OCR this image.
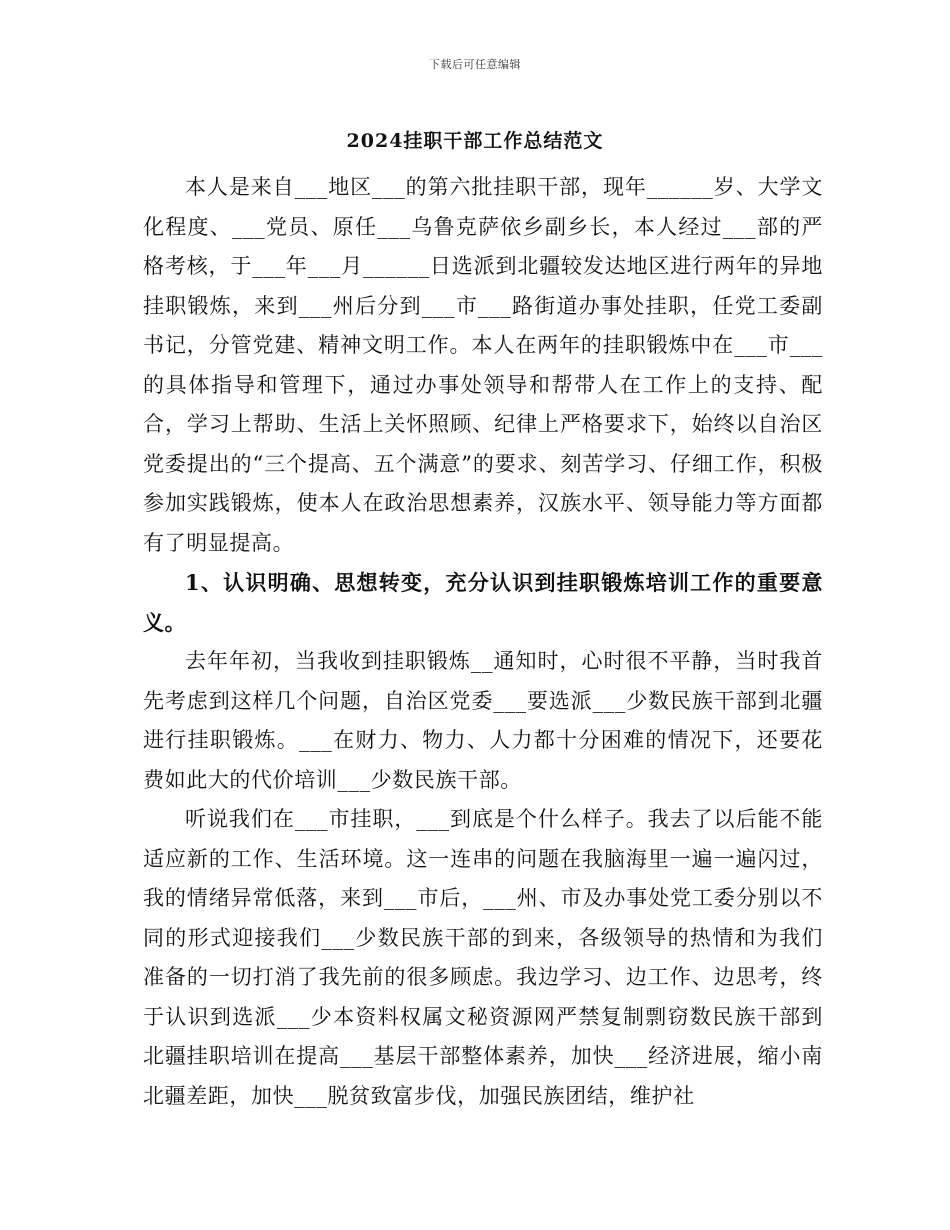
下载后可任意编辑
2024挂职干部工作总结范文

本人是来自___地区___的第六批挂职干部，现年______岁、大学文化程度、___党员、原任___乌鲁克萨依乡副乡长，本人经过___部的严格考核，于___年___月______日选派到北疆较发达地区进行两年的异地挂职锻炼，来到___州后分到___市___路街道办事处挂职，任党工委副书记，分管党建、精神文明工作。本人在两年的挂职锻炼中在___市___的具体指导和管理下，通过办事处领导和帮带人在工作上的支持、配合，学习上帮助、生活上关怀照顾、纪律上严格要求下，始终以自治区党委提出的“三个提高、五个满意”的要求、刻苦学习、仔细工作，积极参加实践锻炼，使本人在政治思想素养，汉族水平、领导能力等方面都有了明显提高。

1、认识明确、思想转变，充分认识到挂职锻炼培训工作的重要意义。

去年年初，当我收到挂职锻炼__通知时，心时很不平静，当时我首先考虑到这样几个问题，自治区党委___要选派___少数民族干部到北疆进行挂职锻炼。___在财力、物力、人力都十分困难的情况下，还要花费如此大的代价培训___少数民族干部。

听说我们在___市挂职，___到底是个什么样子。我去了以后能不能适应新的工作、生活环境。这一连串的问题在我脑海里一遍一遍闪过，我的情绪异常低落，来到___市后，___州、市及办事处党工委分别以不同的形式迎接我们___少数民族干部的到来，各级领导的热情和为我们准备的一切打消了我先前的很多顾虑。我边学习、边工作、边思考，终于认识到选派___少本资料权属文秘资源网严禁复制剽窃数民族干部到北疆挂职培训在提高___基层干部整体素养，加快___经济进展，缩小南北疆差距，加快___脱贫致富步伐，加强民族团结，维护社
